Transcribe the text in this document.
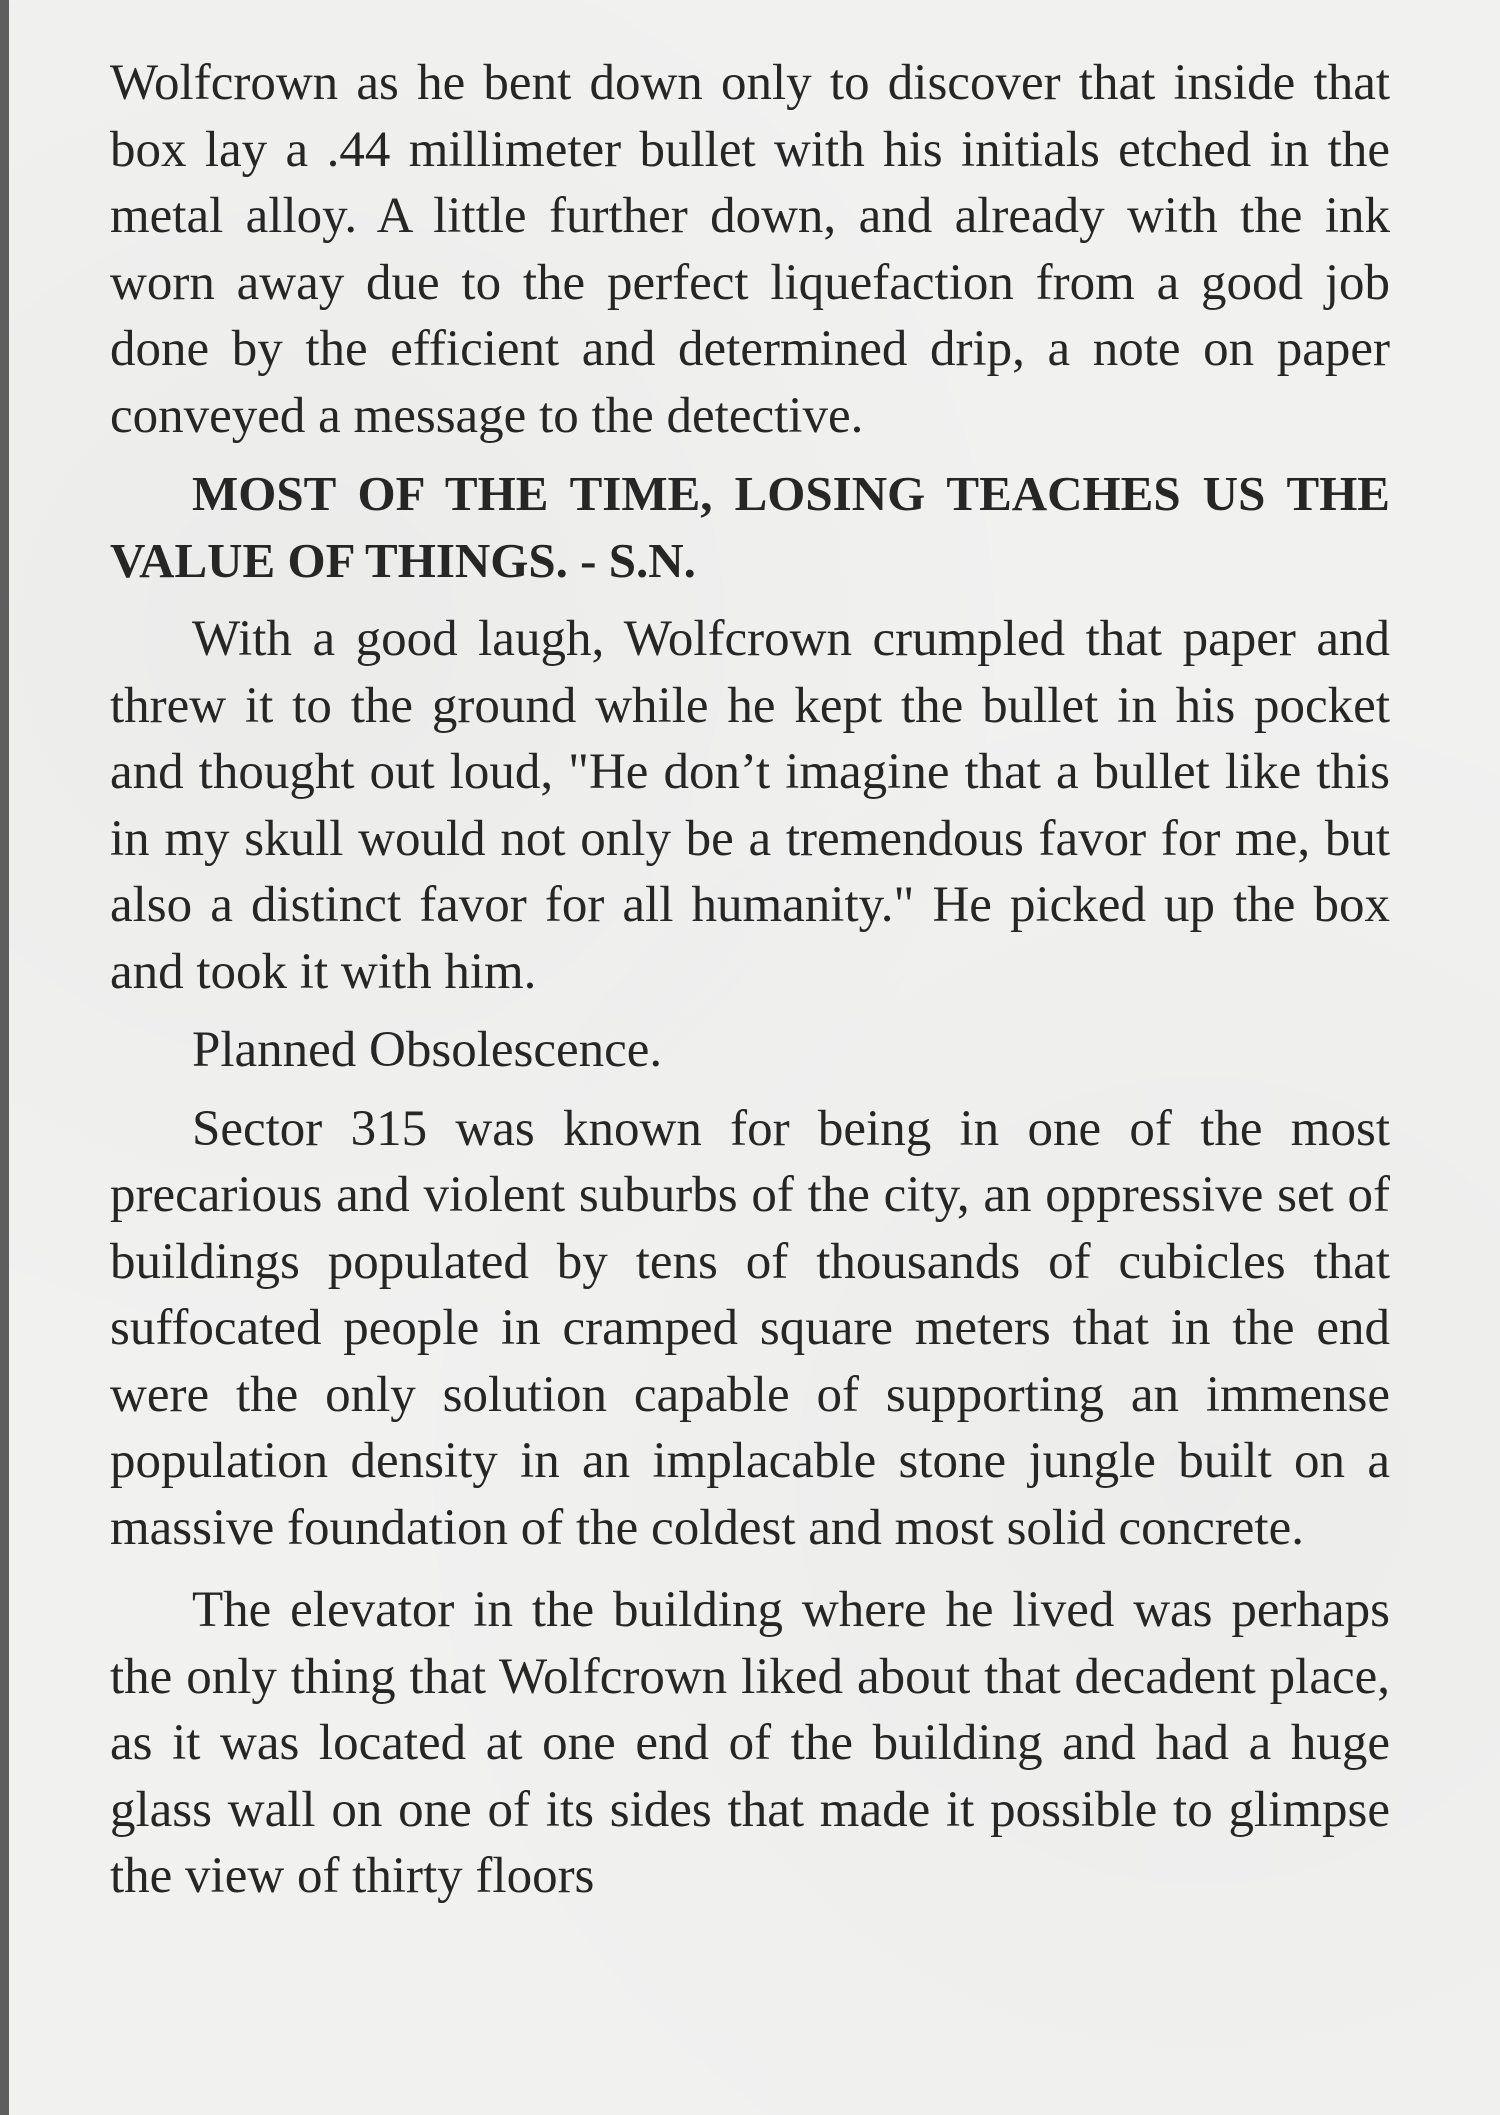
Wolfcrown as he bent down only to discover that inside that box lay a .44 millimeter bullet with his initials etched in the metal alloy. A little further down, and already with the ink worn away due to the perfect liquefaction from a good job done by the efficient and determined drip, a note on paper conveyed a message to the detective.

MOST OF THE TIME, LOSING TEACHES US THE VALUE OF THINGS. - S.N.

With a good laugh, Wolfcrown crumpled that paper and threw it to the ground while he kept the bullet in his pocket and thought out loud, "He don’t imagine that a bullet like this in my skull would not only be a tremendous favor for me, but also a distinct favor for all humanity." He picked up the box and took it with him.

Planned Obsolescence.

Sector 315 was known for being in one of the most precarious and violent suburbs of the city, an oppressive set of buildings populated by tens of thousands of cubicles that suffocated people in cramped square meters that in the end were the only solution capable of supporting an immense population density in an implacable stone jungle built on a massive foundation of the coldest and most solid concrete.

The elevator in the building where he lived was perhaps the only thing that Wolfcrown liked about that decadent place, as it was located at one end of the building and had a huge glass wall on one of its sides that made it possible to glimpse the view of thirty floors
